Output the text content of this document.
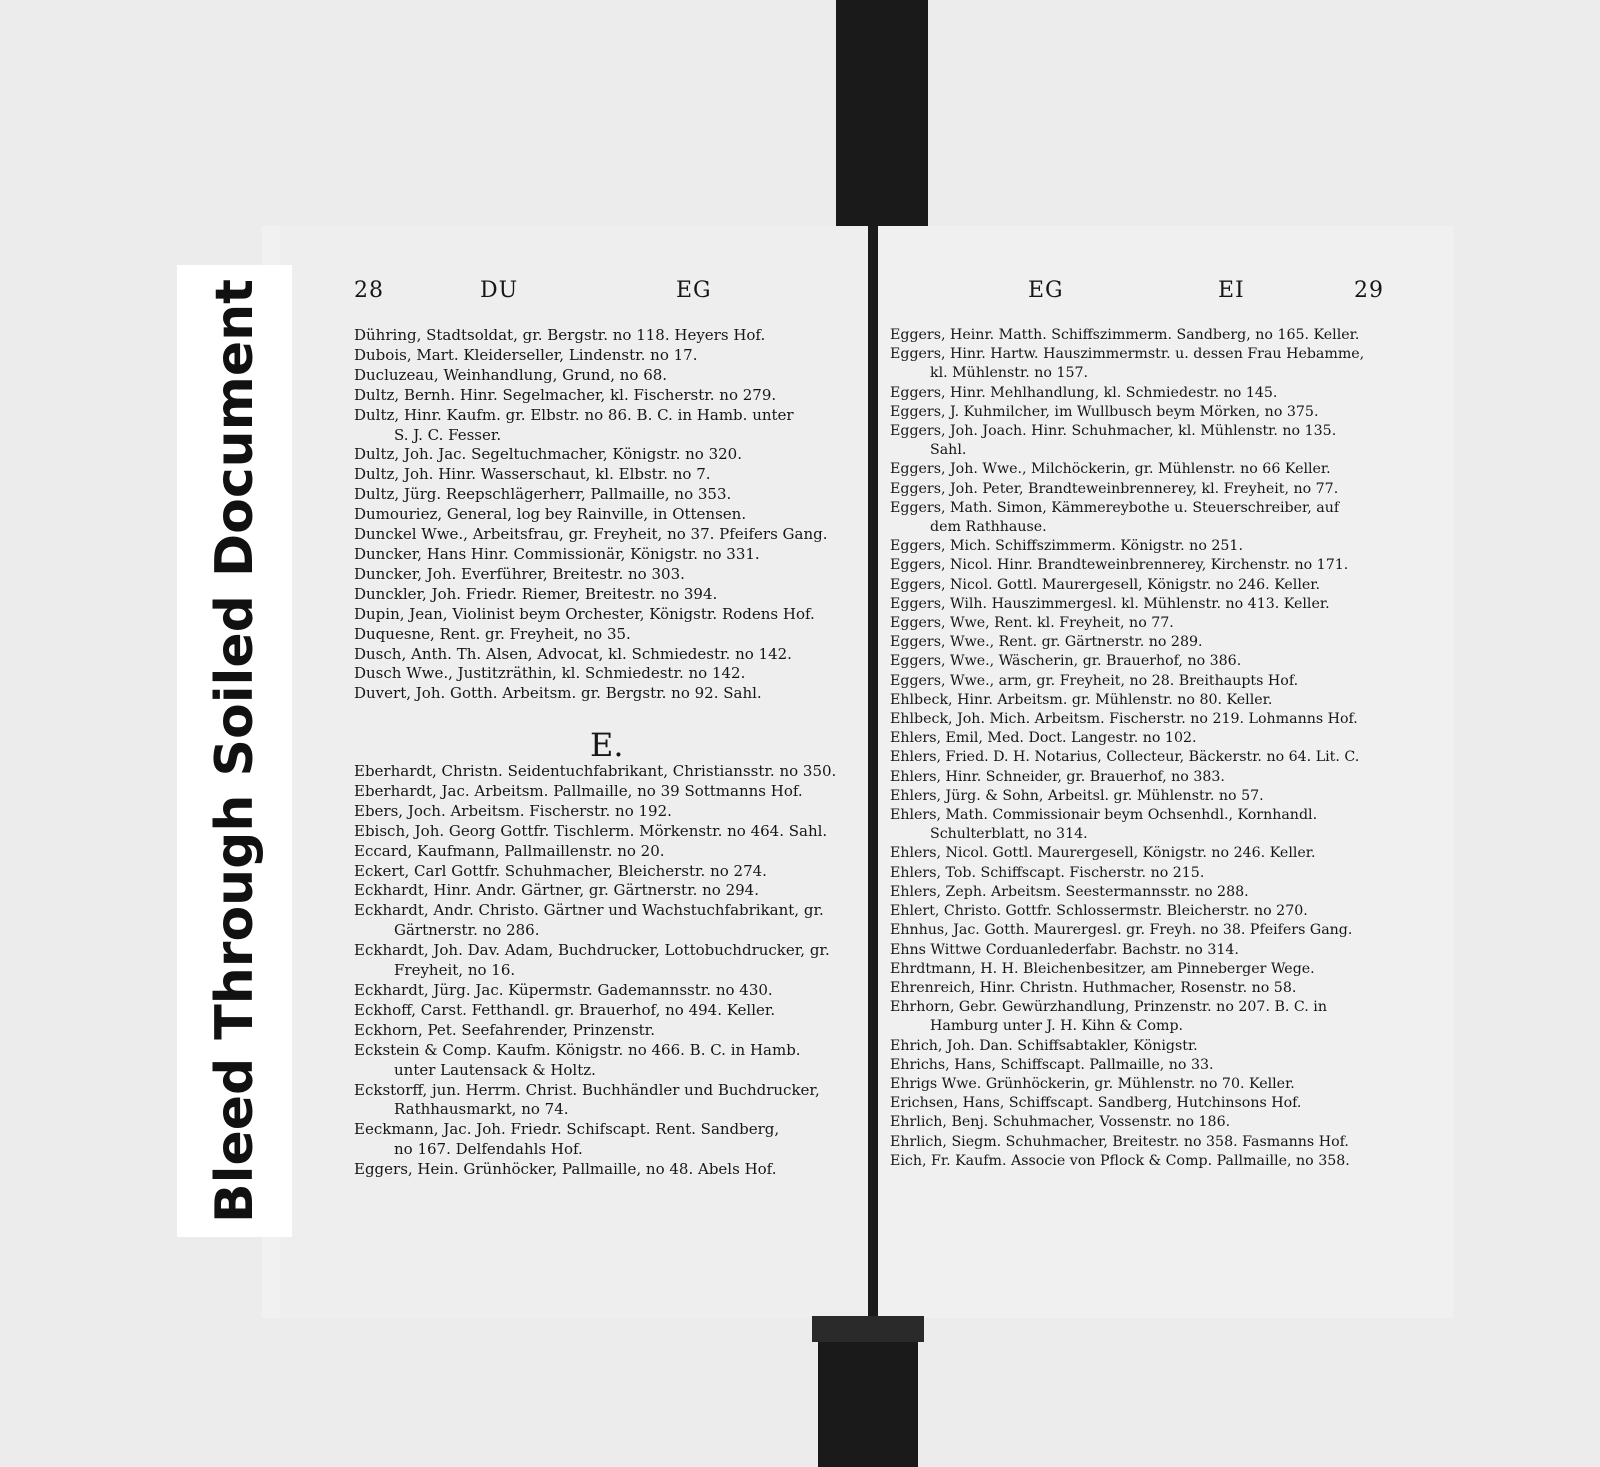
28	DU	EG
Dühring, Stadtsoldat, gr. Bergstr. no 118. Heyers Hof.
Dubois, Mart. Kleiderseller, Lindenstr. no 17.
Ducluzeau, Weinhandlung, Grund, no 68.
Dultz, Bernh. Hinr. Segelmacher, kl. Fischerstr. no 279.
Dultz, Hinr. Kaufm. gr. Elbstr. no 86. B. C. in Hamb. unter
S. J. C. Fesser.
Dultz, Joh. Jac. Segeltuchmacher, Königstr. no 320.
Dultz, Joh. Hinr. Wasserschaut, kl. Elbstr. no 7.
Dultz, Jürg. Reepschlägerherr, Pallmaille, no 353.
Dumouriez, General, log bey Rainville, in Ottensen.
Dunckel Wwe., Arbeitsfrau, gr. Freyheit, no 37. Pfeifers Gang.
Duncker, Hans Hinr. Commissionär, Königstr. no 331.
Duncker, Joh. Everführer, Breitestr. no 303.
Dunckler, Joh. Friedr. Riemer, Breitestr. no 394.
Dupin, Jean, Violinist beym Orchester, Königstr. Rodens Hof.
Duquesne, Rent. gr. Freyheit, no 35.
Dusch, Anth. Th. Alsen, Advocat, kl. Schmiedestr. no 142.
Dusch Wwe., Justitzräthin, kl. Schmiedestr. no 142.
Duvert, Joh. Gotth. Arbeitsm. gr. Bergstr. no 92. Sahl.
E.
Eberhardt, Christn. Seidentuchfabrikant, Christiansstr. no 350.
Eberhardt, Jac. Arbeitsm. Pallmaille, no 39 Sottmanns Hof.
Ebers, Joch. Arbeitsm. Fischerstr. no 192.
Ebisch, Joh. Georg Gottfr. Tischlerm. Mörkenstr. no 464. Sahl.
Eccard, Kaufmann, Pallmaillenstr. no 20.
Eckert, Carl Gottfr. Schuhmacher, Bleicherstr. no 274.
Eckhardt, Hinr. Andr. Gärtner, gr. Gärtnerstr. no 294.
Eckhardt, Andr. Christo. Gärtner und Wachstuchfabrikant, gr.
Gärtnerstr. no 286.
Eckhardt, Joh. Dav. Adam, Buchdrucker, Lottobuchdrucker, gr.
Freyheit, no 16.
Eckhardt, Jürg. Jac. Küpermstr. Gademannsstr. no 430.
Eckhoff, Carst. Fetthandl. gr. Brauerhof, no 494. Keller.
Eckhorn, Pet. Seefahrender, Prinzenstr.
Eckstein & Comp. Kaufm. Königstr. no 466. B. C. in Hamb.
unter Lautensack & Holtz.
Eckstorff, jun. Herrm. Christ. Buchhändler und Buchdrucker,
Rathhausmarkt, no 74.
Eeckmann, Jac. Joh. Friedr. Schifscapt. Rent. Sandberg,
no 167. Delfendahls Hof.
Eggers, Hein. Grünhöcker, Pallmaille, no 48. Abels Hof.
EG	EI	29
Eggers, Heinr. Matth. Schiffszimmerm. Sandberg, no 165. Keller.
Eggers, Hinr. Hartw. Hauszimmermstr. u. dessen Frau Hebamme,
kl. Mühlenstr. no 157.
Eggers, Hinr. Mehlhandlung, kl. Schmiedestr. no 145.
Eggers, J. Kuhmilcher, im Wullbusch beym Mörken, no 375.
Eggers, Joh. Joach. Hinr. Schuhmacher, kl. Mühlenstr. no 135.
Sahl.
Eggers, Joh. Wwe., Milchöckerin, gr. Mühlenstr. no 66 Keller.
Eggers, Joh. Peter, Brandteweinbrennerey, kl. Freyheit, no 77.
Eggers, Math. Simon, Kämmereybothe u. Steuerschreiber, auf
dem Rathhause.
Eggers, Mich. Schiffszimmerm. Königstr. no 251.
Eggers, Nicol. Hinr. Brandteweinbrennerey, Kirchenstr. no 171.
Eggers, Nicol. Gottl. Maurergesell, Königstr. no 246. Keller.
Eggers, Wilh. Hauszimmergesl. kl. Mühlenstr. no 413. Keller.
Eggers, Wwe, Rent. kl. Freyheit, no 77.
Eggers, Wwe., Rent. gr. Gärtnerstr. no 289.
Eggers, Wwe., Wäscherin, gr. Brauerhof, no 386.
Eggers, Wwe., arm, gr. Freyheit, no 28. Breithaupts Hof.
Ehlbeck, Hinr. Arbeitsm. gr. Mühlenstr. no 80. Keller.
Ehlbeck, Joh. Mich. Arbeitsm. Fischerstr. no 219. Lohmanns Hof.
Ehlers, Emil, Med. Doct. Langestr. no 102.
Ehlers, Fried. D. H. Notarius, Collecteur, Bäckerstr. no 64. Lit. C.
Ehlers, Hinr. Schneider, gr. Brauerhof, no 383.
Ehlers, Jürg. & Sohn, Arbeitsl. gr. Mühlenstr. no 57.
Ehlers, Math. Commissionair beym Ochsenhdl., Kornhandl.
Schulterblatt, no 314.
Ehlers, Nicol. Gottl. Maurergesell, Königstr. no 246. Keller.
Ehlers, Tob. Schiffscapt. Fischerstr. no 215.
Ehlers, Zeph. Arbeitsm. Seestermannsstr. no 288.
Ehlert, Christo. Gottfr. Schlossermstr. Bleicherstr. no 270.
Ehnhus, Jac. Gotth. Maurergesl. gr. Freyh. no 38. Pfeifers Gang.
Ehns Wittwe Corduanlederfabr. Bachstr. no 314.
Ehrdtmann, H. H. Bleichenbesitzer, am Pinneberger Wege.
Ehrenreich, Hinr. Christn. Huthmacher, Rosenstr. no 58.
Ehrhorn, Gebr. Gewürzhandlung, Prinzenstr. no 207. B. C. in
Hamburg unter J. H. Kihn & Comp.
Ehrich, Joh. Dan. Schiffsabtakler, Königstr.
Ehrichs, Hans, Schiffscapt. Pallmaille, no 33.
Ehrigs Wwe. Grünhöckerin, gr. Mühlenstr. no 70. Keller.
Erichsen, Hans, Schiffscapt. Sandberg, Hutchinsons Hof.
Ehrlich, Benj. Schuhmacher, Vossenstr. no 186.
Ehrlich, Siegm. Schuhmacher, Breitestr. no 358. Fasmanns Hof.
Eich, Fr. Kaufm. Associe von Pflock & Comp. Pallmaille, no 358.
Bleed Through Soiled Document
